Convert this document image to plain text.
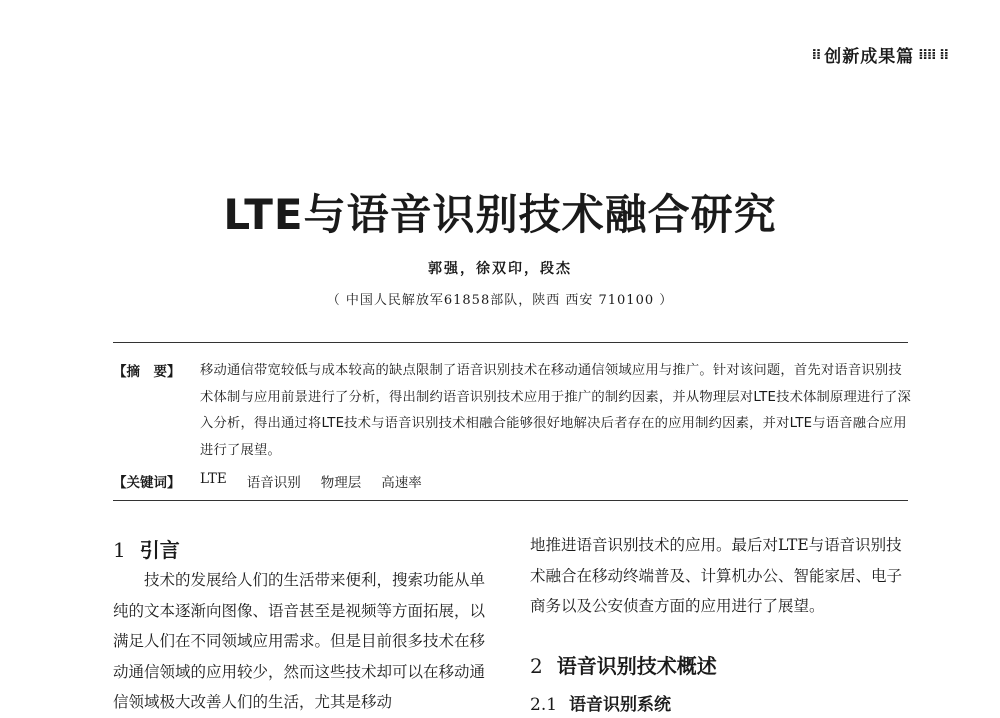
⁞⁞ 创新成果篇 ⁞⁞⁞⁞ ⁞⁞
LTE与语音识别技术融合研究
郭强，徐双印，段杰
（ 中国人民解放军61858部队，陕西 西安 710100 ）
【摘　要】 移动通信带宽较低与成本较高的缺点限制了语音识别技术在移动通信领域应用与推广。针对该问题，首先对语音识别技术体制与应用前景进行了分析，得出制约语音识别技术应用于推广的制约因素，并从物理层对LTE技术体制原理进行了深入分析，得出通过将LTE技术与语音识别技术相融合能够很好地解决后者存在的应用制约因素，并对LTE与语音融合应用进行了展望。
【关键词】 LTE 语音识别 物理层 高速率
1 引言

技术的发展给人们的生活带来便利，搜索功能从单纯的文本逐渐向图像、语音甚至是视频等方面拓展，以满足人们在不同领域应用需求。但是目前很多技术在移动通信领域的应用较少，然而这些技术却可以在移动通信领域极大改善人们的生活，尤其是移动

地推进语音识别技术的应用。最后对LTE与语音识别技术融合在移动终端普及、计算机办公、智能家居、电子商务以及公安侦查方面的应用进行了展望。

2 语音识别技术概述
2.1 语音识别系统
